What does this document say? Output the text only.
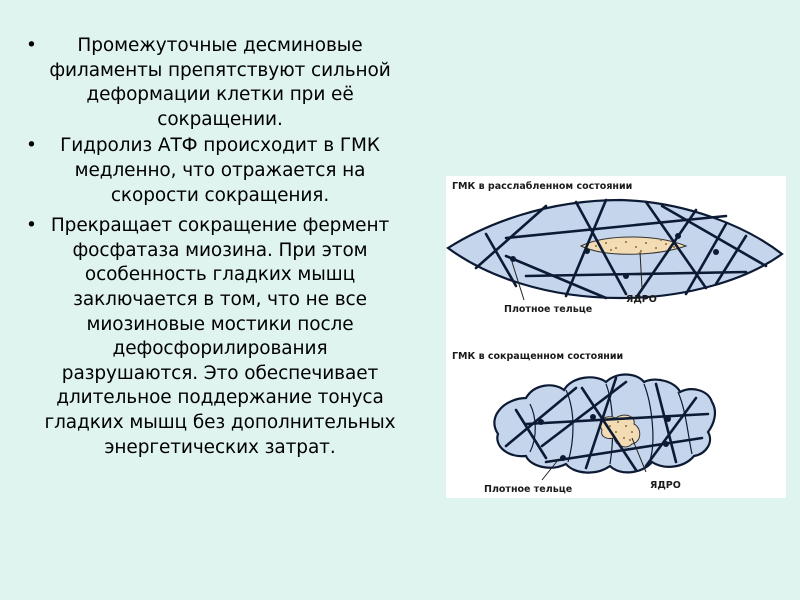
• Промежуточные десминовые филаменты препятствуют сильной деформации клетки при её сокращении.
• Гидролиз АТФ происходит в ГМК медленно, что отражается на скорости сокращения.
• Прекращает сокращение фермент фосфатаза миозина. При этом особенность гладких мышц заключается в том, что не все миозиновые мостики после дефосфорилирования разрушаются. Это обеспечивает длительное поддержание тонуса гладких мышц без дополнительных энергетических затрат.
ГМК в расслабленном состоянии
Плотное тельце
ЯДРО
ГМК в сокращенном состоянии
Плотное тельце	ЯДРО
